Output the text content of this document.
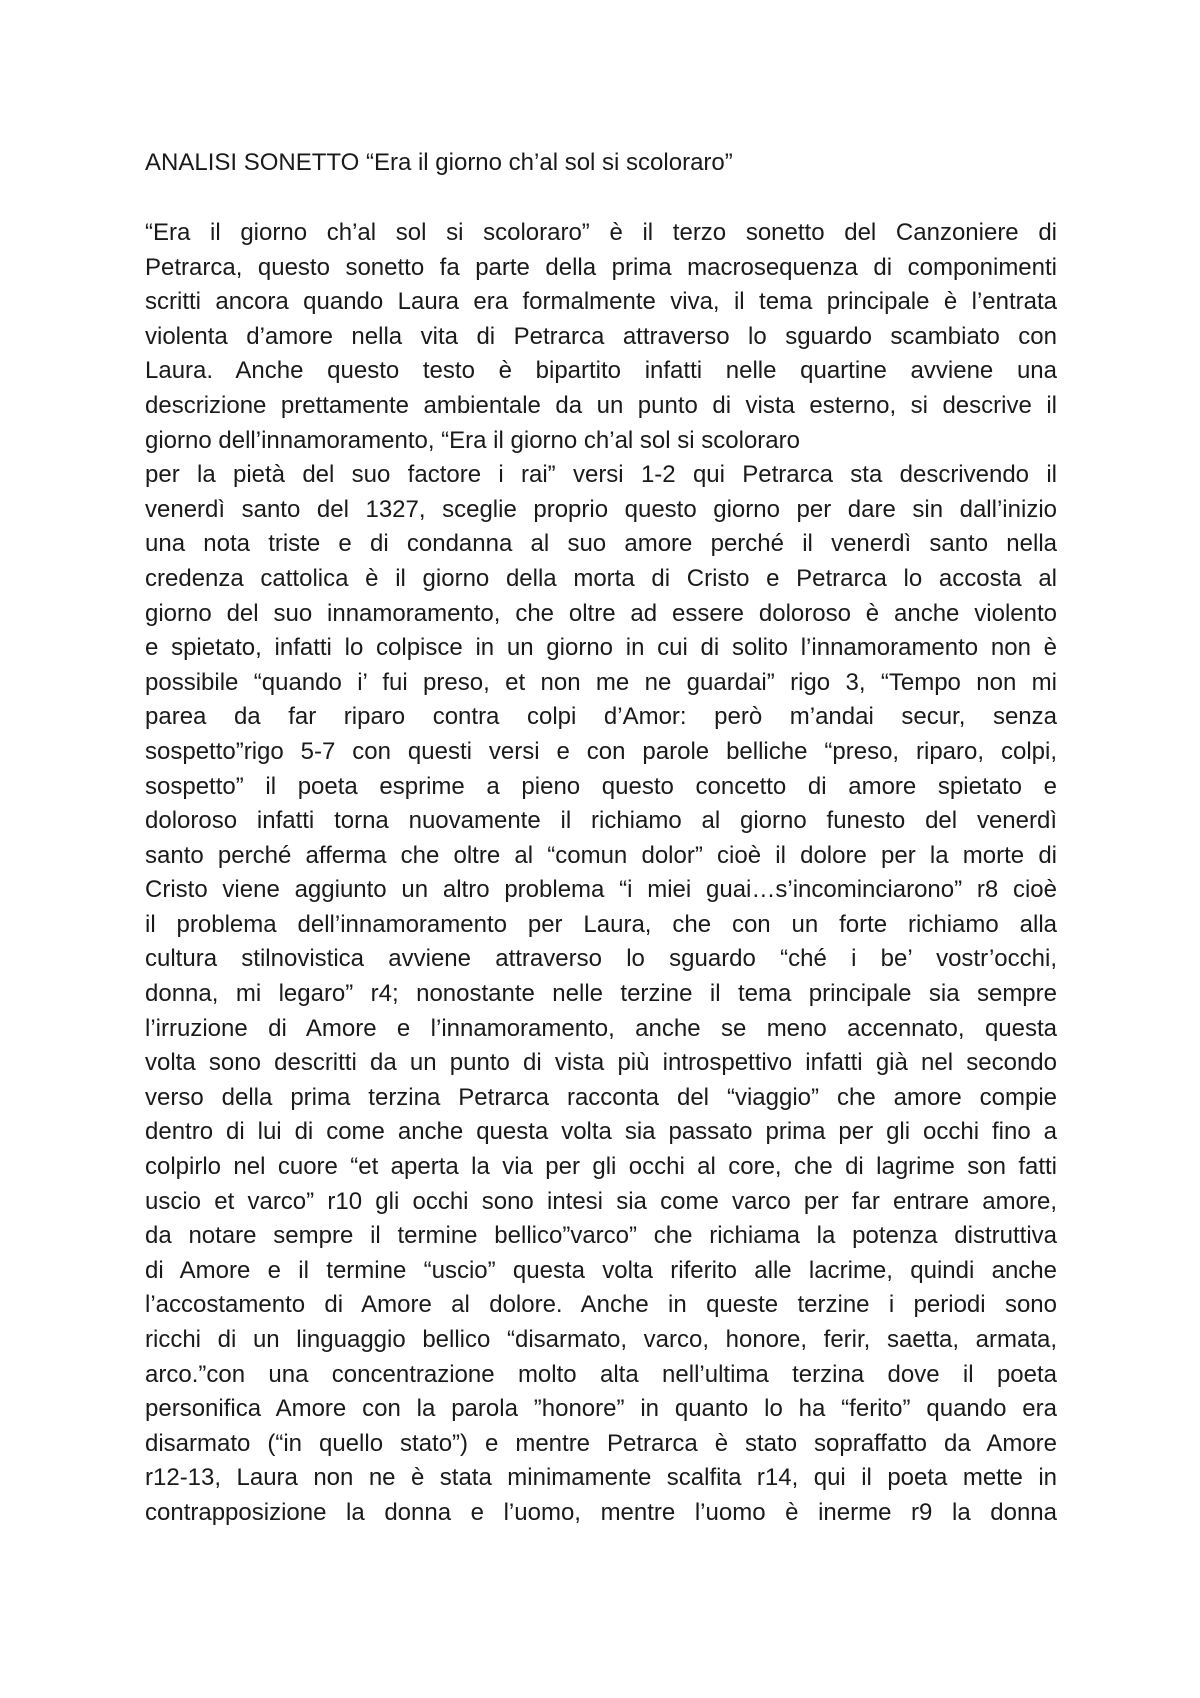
ANALISI SONETTO “Era il giorno ch’al sol si scoloraro”
“Era il giorno ch’al sol si scoloraro” è il terzo sonetto del Canzoniere di
Petrarca, questo sonetto fa parte della prima macrosequenza di componimenti
scritti ancora quando Laura era formalmente viva, il tema principale è l’entrata
violenta d’amore nella vita di Petrarca attraverso lo sguardo scambiato con
Laura. Anche questo testo è bipartito infatti nelle quartine avviene una
descrizione prettamente ambientale da un punto di vista esterno, si descrive il
giorno dell’innamoramento, “Era il giorno ch’al sol si scoloraro
per la pietà del suo factore i rai” versi 1-2 qui Petrarca sta descrivendo il
venerdì santo del 1327, sceglie proprio questo giorno per dare sin dall’inizio
una nota triste e di condanna al suo amore perché il venerdì santo nella
credenza cattolica è il giorno della morta di Cristo e Petrarca lo accosta al
giorno del suo innamoramento, che oltre ad essere doloroso è anche violento
e spietato, infatti lo colpisce in un giorno in cui di solito l’innamoramento non è
possibile “quando i’ fui preso, et non me ne guardai” rigo 3, “Tempo non mi
parea da far riparo contra colpi d’Amor: però m’andai secur, senza
sospetto”rigo 5-7 con questi versi e con parole belliche “preso, riparo, colpi,
sospetto” il poeta esprime a pieno questo concetto di amore spietato e
doloroso infatti torna nuovamente il richiamo al giorno funesto del venerdì
santo perché afferma che oltre al “comun dolor” cioè il dolore per la morte di
Cristo viene aggiunto un altro problema “i miei guai…s’incominciarono” r8 cioè
il problema dell’innamoramento per Laura, che con un forte richiamo alla
cultura stilnovistica avviene attraverso lo sguardo “ché i be’ vostr’occhi,
donna, mi legaro” r4; nonostante nelle terzine il tema principale sia sempre
l’irruzione di Amore e l’innamoramento, anche se meno accennato, questa
volta sono descritti da un punto di vista più introspettivo infatti già nel secondo
verso della prima terzina Petrarca racconta del “viaggio” che amore compie
dentro di lui di come anche questa volta sia passato prima per gli occhi fino a
colpirlo nel cuore “et aperta la via per gli occhi al core, che di lagrime son fatti
uscio et varco” r10 gli occhi sono intesi sia come varco per far entrare amore,
da notare sempre il termine bellico”varco” che richiama la potenza distruttiva
di Amore e il termine “uscio” questa volta riferito alle lacrime, quindi anche
l’accostamento di Amore al dolore. Anche in queste terzine i periodi sono
ricchi di un linguaggio bellico “disarmato, varco, honore, ferir, saetta, armata,
arco.”con una concentrazione molto alta nell’ultima terzina dove il poeta
personifica Amore con la parola ”honore” in quanto lo ha “ferito” quando era
disarmato (“in quello stato”) e mentre Petrarca è stato sopraffatto da Amore
r12-13, Laura non ne è stata minimamente scalfita r14, qui il poeta mette in
contrapposizione la donna e l’uomo, mentre l’uomo è inerme r9 la donna
